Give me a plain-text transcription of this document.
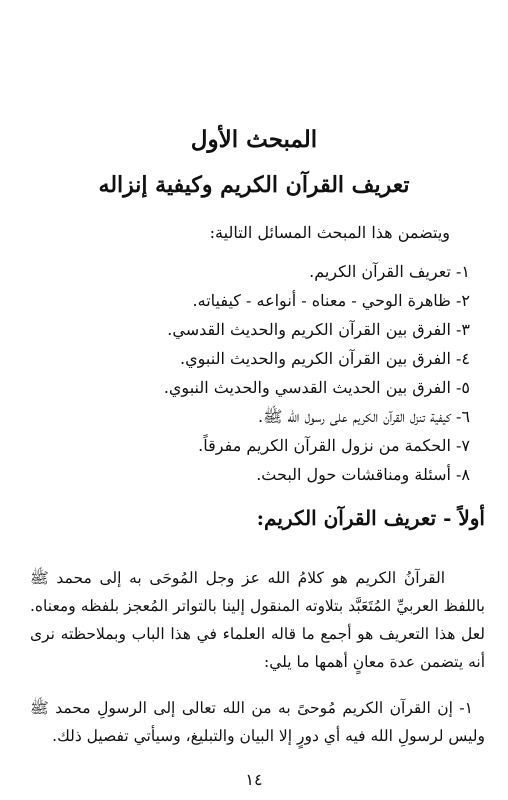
المبحث الأول
تعريف القرآن الكريم وكيفية إنزاله
ويتضمن هذا المبحث المسائل التالية:
١- تعريف القرآن الكريم.
٢- ظاهرة الوحي - معناه - أنواعه - كيفياته.
٣- الفرق بين القرآن الكريم والحديث القدسي.
٤- الفرق بين القرآن الكريم والحديث النبوي.
٥- الفرق بين الحديث القدسي والحديث النبوي.
٦- كيفية تنزل القرآن الكريم على رسول الله ﷺ.
٧- الحكمة من نزول القرآن الكريم مفرقاً.
٨- أسئلة ومناقشات حول البحث.
أولاً - تعريف القرآن الكريم:

القرآنُ الكريم هو كلامُ الله عز وجل المُوحَى به إلى محمد ﷺ باللفظ العربيِّ المُتَعَبَّد بتلاوته المنقول إلينا بالتواتر المُعجز بلفظه ومعناه. لعل هذا التعريف هو أجمع ما قاله العلماء في هذا الباب وبملاحظته نرى أنه يتضمن عدة معانٍ أهمها ما يلي:

١- إن القرآن الكريم مُوحىً به من الله تعالى إلى الرسولِ محمد ﷺ وليس لرسولِ الله فيه أي دورٍ إلا البيان والتبليغ، وسيأتي تفصيل ذلك.

١٤
